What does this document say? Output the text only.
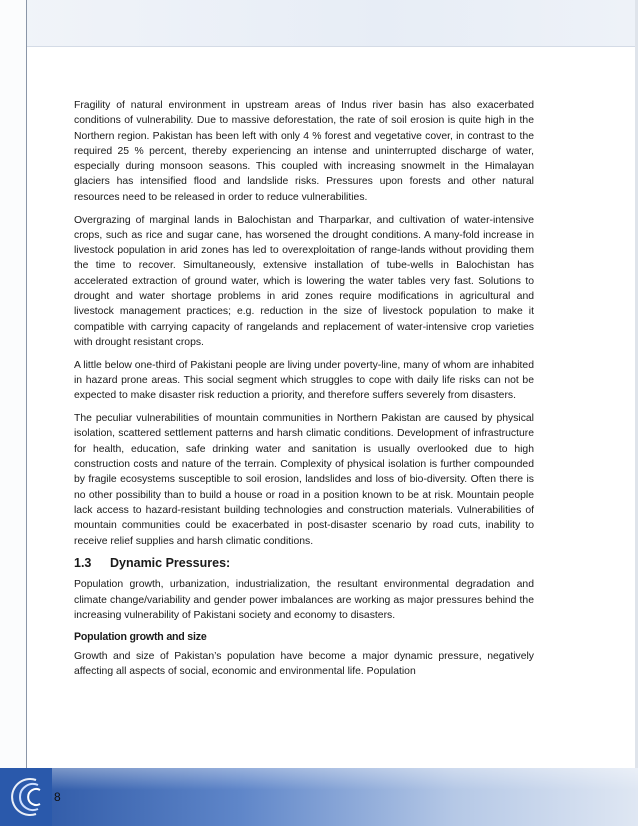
8

Fragility of natural environment in upstream areas of Indus river basin has also exacerbated conditions of vulnerability. Due to massive deforestation, the rate of soil erosion is quite high in the Northern region. Pakistan has been left with only 4 % forest and vegetative cover, in contrast to the required 25 % percent, thereby experiencing an intense and uninterrupted discharge of water, especially during monsoon seasons. This coupled with increasing snowmelt in the Himalayan glaciers has intensified flood and landslide risks. Pressures upon forests and other natural resources need to be released in order to reduce vulnerabilities.

Overgrazing of marginal lands in Balochistan and Tharparkar, and cultivation of water-intensive crops, such as rice and sugar cane, has worsened the drought conditions. A many-fold increase in livestock population in arid zones has led to overexploitation of range-lands without providing them the time to recover. Simultaneously, extensive installation of tube-wells in Balochistan has accelerated extraction of ground water, which is lowering the water tables very fast. Solutions to drought and water shortage problems in arid zones require modifications in agricultural and livestock management practices; e.g. reduction in the size of livestock population to make it compatible with carrying capacity of rangelands and replacement of water-intensive crop varieties with drought resistant crops.

A little below one-third of Pakistani people are living under poverty-line, many of whom are inhabited in hazard prone areas. This social segment which struggles to cope with daily life risks can not be expected to make disaster risk reduction a priority, and therefore suffers severely from disasters.

The peculiar vulnerabilities of mountain communities in Northern Pakistan are caused by physical isolation, scattered settlement patterns and harsh climatic conditions. Development of infrastructure for health, education, safe drinking water and sanitation is usually overlooked due to high construction costs and nature of the terrain. Complexity of physical isolation is further compounded by fragile ecosystems susceptible to soil erosion, landslides and loss of bio-diversity. Often there is no other possibility than to build a house or road in a position known to be at risk. Mountain people lack access to hazard-resistant building technologies and construction materials. Vulnerabilities of mountain communities could be exacerbated in post-disaster scenario by road cuts, inability to receive relief supplies and harsh climatic conditions.

1.3 Dynamic Pressures:

Population growth, urbanization, industrialization, the resultant environmental degradation and climate change/variability and gender power imbalances are working as major pressures behind the increasing vulnerability of Pakistani society and economy to disasters.

Population growth and size

Growth and size of Pakistan’s population have become a major dynamic pressure, negatively affecting all aspects of social, economic and environmental life. Population
